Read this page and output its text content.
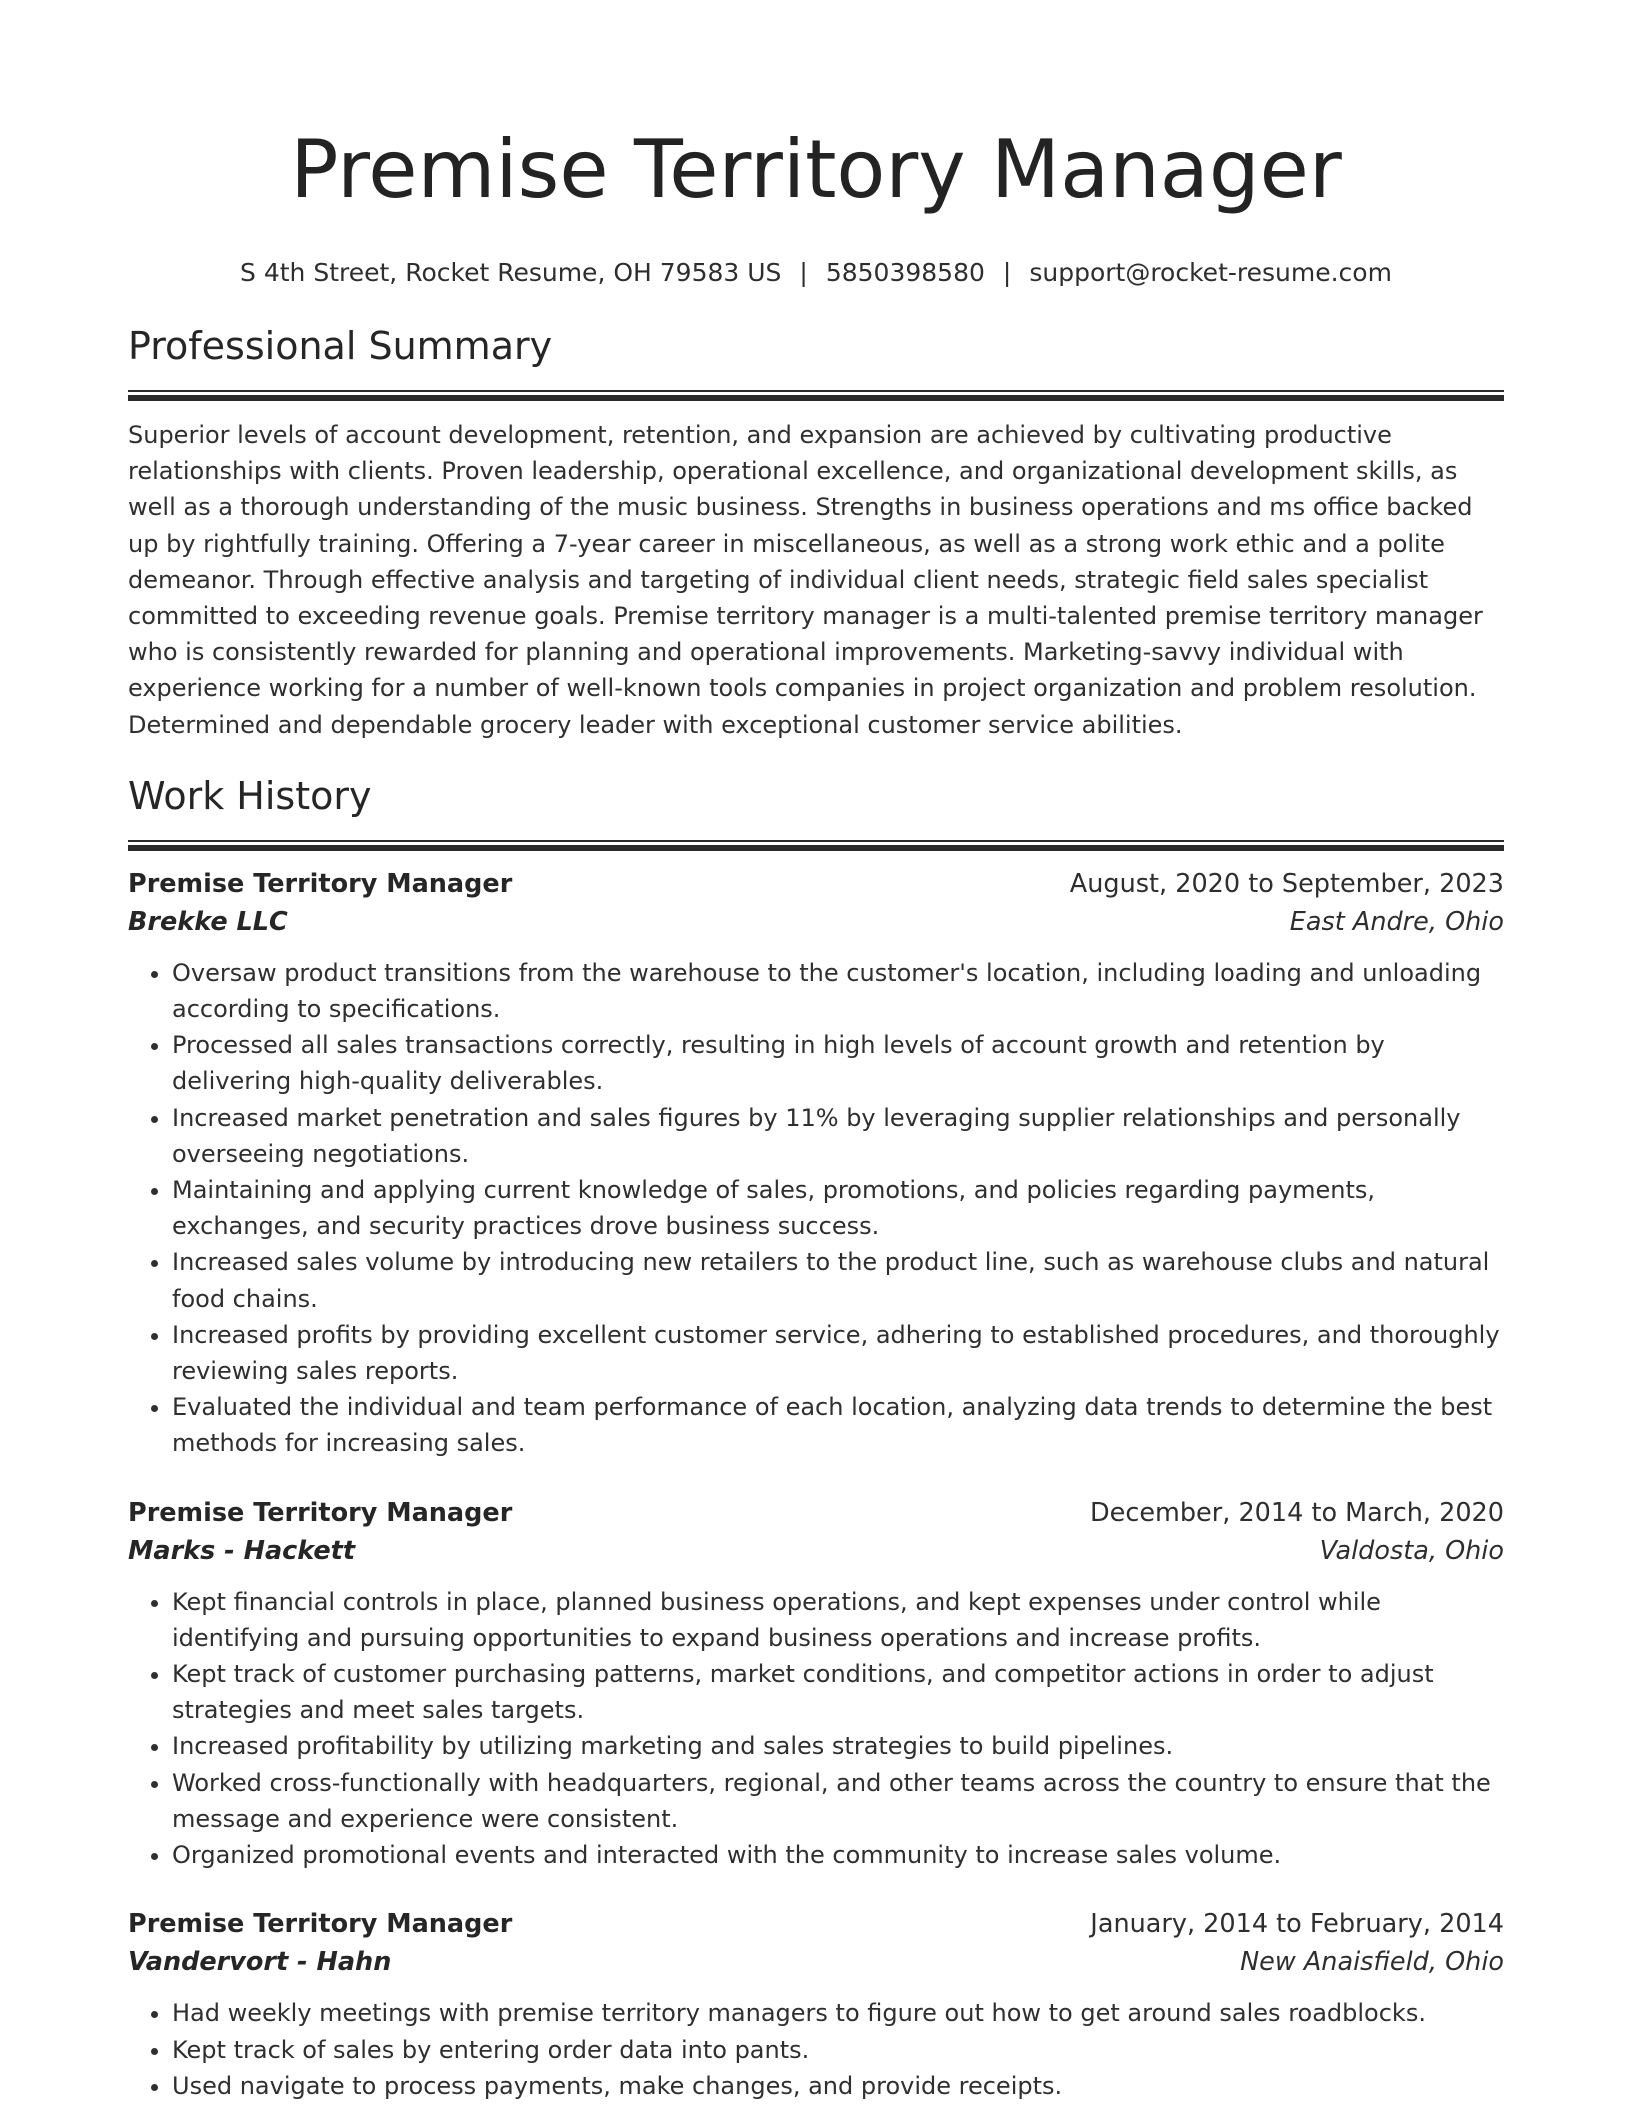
Premise Territory Manager
S 4th Street, Rocket Resume, OH 79583 US | 5850398580 | support@rocket-resume.com
Professional Summary

Superior levels of account development, retention, and expansion are achieved by cultivating productive relationships with clients. Proven leadership, operational excellence, and organizational development skills, as well as a thorough understanding of the music business. Strengths in business operations and ms office backed up by rightfully training. Offering a 7-year career in miscellaneous, as well as a strong work ethic and a polite demeanor. Through effective analysis and targeting of individual client needs, strategic field sales specialist committed to exceeding revenue goals. Premise territory manager is a multi-talented premise territory manager who is consistently rewarded for planning and operational improvements. Marketing-savvy individual with experience working for a number of well-known tools companies in project organization and problem resolution. Determined and dependable grocery leader with exceptional customer service abilities.

Work History
Premise Territory Manager	August, 2020 to September, 2023
Brekke LLC	East Andre, Ohio
• Oversaw product transitions from the warehouse to the customer's location, including loading and unloading according to specifications.
• Processed all sales transactions correctly, resulting in high levels of account growth and retention by delivering high-quality deliverables.
• Increased market penetration and sales figures by 11% by leveraging supplier relationships and personally overseeing negotiations.
• Maintaining and applying current knowledge of sales, promotions, and policies regarding payments, exchanges, and security practices drove business success.
• Increased sales volume by introducing new retailers to the product line, such as warehouse clubs and natural food chains.
• Increased profits by providing excellent customer service, adhering to established procedures, and thoroughly reviewing sales reports.
• Evaluated the individual and team performance of each location, analyzing data trends to determine the best methods for increasing sales.
Premise Territory Manager	December, 2014 to March, 2020
Marks - Hackett	Valdosta, Ohio
• Kept financial controls in place, planned business operations, and kept expenses under control while identifying and pursuing opportunities to expand business operations and increase profits.
• Kept track of customer purchasing patterns, market conditions, and competitor actions in order to adjust strategies and meet sales targets.
• Increased profitability by utilizing marketing and sales strategies to build pipelines.
• Worked cross-functionally with headquarters, regional, and other teams across the country to ensure that the message and experience were consistent.
• Organized promotional events and interacted with the community to increase sales volume.
Premise Territory Manager	January, 2014 to February, 2014
Vandervort - Hahn	New Anaisfield, Ohio
• Had weekly meetings with premise territory managers to figure out how to get around sales roadblocks.
• Kept track of sales by entering order data into pants.
• Used navigate to process payments, make changes, and provide receipts.
